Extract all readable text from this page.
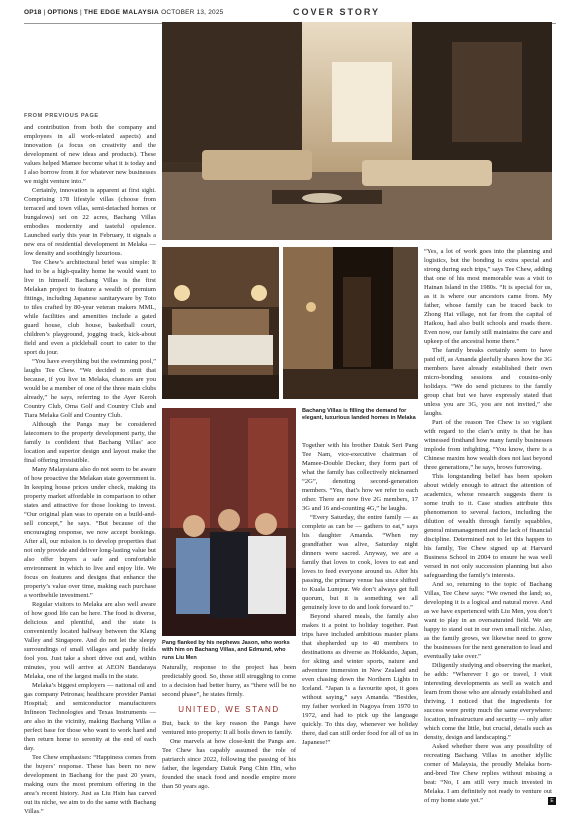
OP18 | OPTIONS | THE EDGE MALAYSIA OCTOBER 13, 2025	COVER STORY
FROM PREVIOUS PAGE

and contribution from both the company and employees in all work-related aspects) and innovation (a focus on creativity and the development of new ideas and products). These values helped Mamee become what it is today and I also borrow from it for whatever new businesses we might venture into.”

Certainly, innovation is apparent at first sight. Comprising 178 lifestyle villas (choose from terraced and town villas, semi-detached homes or bungalows) set on 22 acres, Bachang Villas embodies modernity and tasteful opulence. Launched early this year in February, it signals a new era of residential development in Melaka — low density and soothingly luxurious.

Tee Chew’s architectural brief was simple: It had to be a high-quality home he would want to live in himself. Bachang Villas is the first Melakan project to feature a wealth of premium fittings, including Japanese sanitaryware by Toto to tiles crafted by 80-year veteran makers MML, while facilities and amenities include a gated guard house, club house, basketball court, children’s playground, jogging track, kick-about field and even a pickleball court to cater to the sport du jour.

“You have everything but the swimming pool,” laughs Tee Chew. “We decided to omit that because, if you live in Melaka, chances are you would be a member of one of the three main clubs already,” he says, referring to the Ayer Keroh Country Club, Orna Golf and Country Club and Tiara Melaka Golf and Country Club.

Although the Pangs may be considered latecomers to the property development party, the family is confident that Bachang Villas’ ace location and superior design and layout make the final offering irresistible.

Many Malaysians also do not seem to be aware of how proactive the Melakan state government is. In keeping house prices under check, making its property market affordable in comparison to other states and attractive for those looking to invest. “Our original plan was to operate on a build-and-sell concept,” he says. “But because of the encouraging response, we now accept bookings. After all, our mission is to develop properties that not only provide and deliver long-lasting value but also offer buyers a safe and comfortable environment in which to live and enjoy life. We focus on features and designs that enhance the property’s value over time, making each purchase a worthwhile investment.”

Regular visitors to Melaka are also well aware of how good life can be here. The food is diverse, delicious and plentiful, and the state is conveniently located halfway between the Klang Valley and Singapore. And do not let the sleepy surroundings of small villages and paddy fields fool you. Just take a short drive out and, within minutes, you will arrive at AEON Bandaraya Melaka, one of the largest malls in the state.

Melaka’s biggest employers — national oil and gas company Petronas; healthcare provider Pantai Hospital; and semiconductor manufacturers Infineon Technologies and Texas Instruments — are also in the vicinity, making Bachang Villas a perfect base for those who want to work hard and then return home to serenity at the end of each day.

Tee Chew emphasises: “Happiness comes from the buyers’ response. These has been no new development in Bachang for the past 20 years, making ours the most premium offering in the area’s recent history. Just as Liu Hsin has carved out its niche, we aim to do the same with Bachang Villas.”

Bachang Villas is filling the demand for elegant, luxurious landed homes in Melaka
Pang flanked by his nephews Jason, who works with him on Bachang Villas, and Edmund, who runs Liu Men

Naturally, response to the project has been predictably good. So, those still struggling to come to a decision had better hurry, as “there will be no second phase”, he states firmly.

UNITED, WE STAND

But, back to the key reason the Pangs have ventured into property: It all boils down to family.

One marvels at how close-knit the Pangs are. Tee Chew has capably assumed the role of patriarch since 2022, following the passing of his father, the legendary Datuk Pang Chin Hin, who founded the snack food and noodle empire more than 50 years ago.

Together with his brother Datuk Seri Pang Tee Nam, vice-executive chairman of Mamee-Double Decker, they form part of what the family has collectively nicknamed “2G”, denoting second-generation members. “Yes, that’s how we refer to each other. There are now five 2G members, 17 3G and 16 and-counting 4G,” he laughs.

“Every Saturday, the entire family — as complete as can be — gathers to eat,” says his daughter Amanda. “When my grandfather was alive, Saturday night dinners were sacred. Anyway, we are a family that loves to cook, loves to eat and loves to feed everyone around us. After his passing, the primary venue has since shifted to Kuala Lumpur. We don’t always get full quorum, but it is something we all genuinely love to do and look forward to.”

Beyond shared meals, the family also makes it a point to holiday together. Past trips have included ambitious master plans that shepherded up to 40 members to destinations as diverse as Hokkaido, Japan, for skiing and winter sports, nature and adventure immersion in New Zealand and even chasing down the Northern Lights in Iceland. “Japan is a favourite spot, it goes without saying,” says Amanda. “Besides, my father worked in Nagoya from 1970 to 1972, and had to pick up the language quickly. To this day, whenever we holiday there, dad can still order food for all of us in Japanese!”

“Yes, a lot of work goes into the planning and logistics, but the bonding is extra special and strong during such trips,” says Tee Chew, adding that one of his most memorable was a visit to Hainan Island in the 1980s. “It is special for us, as it is where our ancestors came from. My father, whose family can be traced back to Zhong Hai village, not far from the capital of Haikou, had also built schools and roads there. Even now, our family still maintains the care and upkeep of the ancestral home there.”

The family breaks certainly seem to have paid off, as Amanda gleefully shares how the 3G members have already established their own micro-bonding sessions and cousins-only holidays. “We do send pictures to the family group chat but we have expressly stated that unless you are 3G, you are not invited,” she laughs.

Part of the reason Tee Chew is so vigilant with regard to the clan’s unity is that he has witnessed firsthand how many family businesses implode from infighting. “You know, there is a Chinese maxim how wealth does not last beyond three generations,” he says, brows furrowing.

This longstanding belief has been spoken about widely enough to attract the attention of academics, whose research suggests there is some truth to it. Case studies attribute this phenomenon to several factors, including the dilution of wealth through family squabbles, general mismanagement and the lack of financial discipline. Determined not to let this happen to his family, Tee Chew signed up at Harvard Business School in 2004 to ensure he was well versed in not only succession planning but also safeguarding the family’s interests.

And so, returning to the topic of Bachang Villas, Tee Chew says: “We owned the land; so, developing it is a logical and natural move. And as we have experienced with Liu Men, you don’t want to play in an oversaturated field. We are happy to stand out in our own small niche. Also, as the family grows, we likewise need to grow the businesses for the next generation to lead and eventually take over.”

Diligently studying and observing the market, he adds: “Wherever I go or travel, I visit interesting developments as well as watch and learn from those who are already established and thriving. I noticed that the ingredients for success were pretty much the same everywhere: location, infrastructure and security — only after which come the little, but crucial, details such as density, design and landscaping.”

Asked whether there was any possibility of recreating Bachang Villas in another idyllic corner of Malaysia, the proudly Melaka born-and-bred Tee Chew replies without missing a beat: “No, I am still very much invested in Melaka. I am definitely not ready to venture out of my home state yet.”	E
